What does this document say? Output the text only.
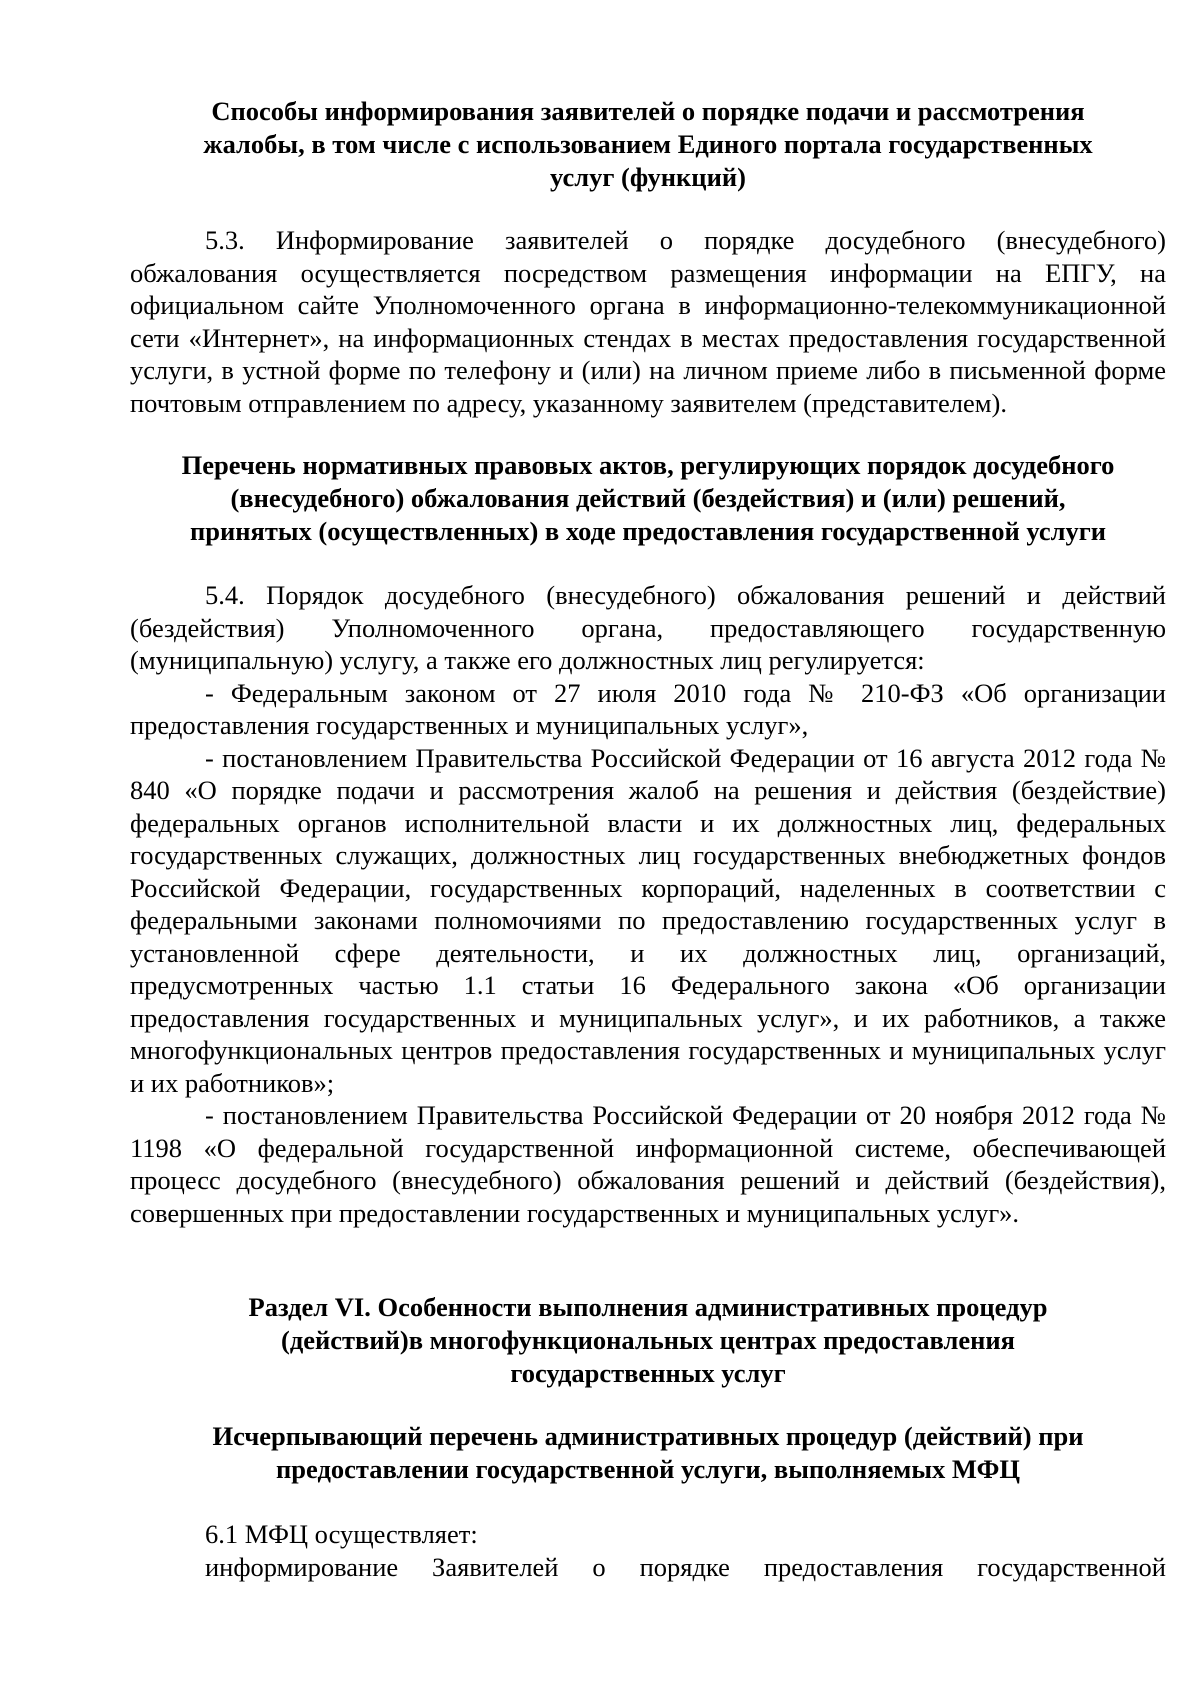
Способы информирования заявителей о порядке подачи и рассмотрения
жалобы, в том числе с использованием Единого портала государственных
услуг (функций)

5.3. Информирование заявителей о порядке досудебного (внесудебного) обжалования осуществляется посредством размещения информации на ЕПГУ, на официальном сайте Уполномоченного органа в информационно-телекоммуникационной сети «Интернет», на информационных стендах в местах предоставления государственной услуги, в устной форме по телефону и (или) на личном приеме либо в письменной форме почтовым отправлением по адресу, указанному заявителем (представителем).

Перечень нормативных правовых актов, регулирующих порядок досудебного
(внесудебного) обжалования действий (бездействия) и (или) решений,
принятых (осуществленных) в ходе предоставления государственной услуги

5.4. Порядок досудебного (внесудебного) обжалования решений и действий (бездействия) Уполномоченного органа, предоставляющего государственную (муниципальную) услугу, а также его должностных лиц регулируется:

- Федеральным законом от 27 июля 2010 года № 210-ФЗ «Об организации предоставления государственных и муниципальных услуг»,

- постановлением Правительства Российской Федерации от 16 августа 2012 года № 840 «О порядке подачи и рассмотрения жалоб на решения и действия (бездействие) федеральных органов исполнительной власти и их должностных лиц, федеральных государственных служащих, должностных лиц государственных внебюджетных фондов Российской Федерации, государственных корпораций, наделенных в соответствии с федеральными законами полномочиями по предоставлению государственных услуг в установленной сфере деятельности, и их должностных лиц, организаций, предусмотренных частью 1.1 статьи 16 Федерального закона «Об организации предоставления государственных и муниципальных услуг», и их работников, а также многофункциональных центров предоставления государственных и муниципальных услуг и их работников»;

- постановлением Правительства Российской Федерации от 20 ноября 2012 года № 1198 «О федеральной государственной информационной системе, обеспечивающей процесс досудебного (внесудебного) обжалования решений и действий (бездействия), совершенных при предоставлении государственных и муниципальных услуг».

Раздел VI. Особенности выполнения административных процедур
(действий)в многофункциональных центрах предоставления
государственных услуг
Исчерпывающий перечень административных процедур (действий) при
предоставлении государственной услуги, выполняемых МФЦ

6.1 МФЦ осуществляет:

информирование Заявителей о порядке предоставления государственной
